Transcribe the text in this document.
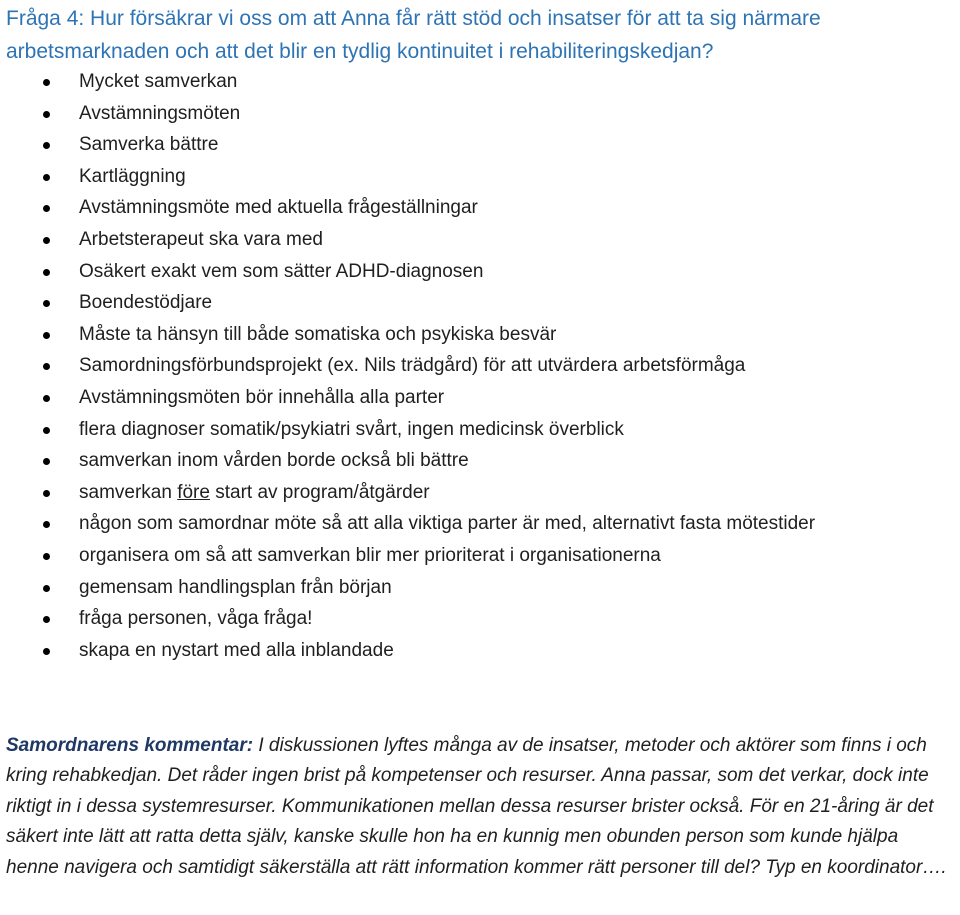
Fråga 4: Hur försäkrar vi oss om att Anna får rätt stöd och insatser för att ta sig närmare arbetsmarknaden och att det blir en tydlig kontinuitet i rehabiliteringskedjan?
Mycket samverkan
Avstämningsmöten
Samverka bättre
Kartläggning
Avstämningsmöte med aktuella frågeställningar
Arbetsterapeut ska vara med
Osäkert exakt vem som sätter ADHD-diagnosen
Boendestödjare
Måste ta hänsyn till både somatiska och psykiska besvär
Samordningsförbundsprojekt (ex. Nils trädgård) för att utvärdera arbetsförmåga
Avstämningsmöten bör innehålla alla parter
flera diagnoser somatik/psykiatri svårt, ingen medicinsk överblick
samverkan inom vården borde också bli bättre
samverkan före start av program/åtgärder
någon som samordnar möte så att alla viktiga parter är med, alternativt fasta mötestider
organisera om så att samverkan blir mer prioriterat i organisationerna
gemensam handlingsplan från början
fråga personen, våga fråga!
skapa en nystart med alla inblandade

Samordnarens kommentar: I diskussionen lyftes många av de insatser, metoder och aktörer som finns i och kring rehabkedjan. Det råder ingen brist på kompetenser och resurser. Anna passar, som det verkar, dock inte riktigt in i dessa systemresurser. Kommunikationen mellan dessa resurser brister också. För en 21-åring är det säkert inte lätt att ratta detta själv, kanske skulle hon ha en kunnig men obunden person som kunde hjälpa henne navigera och samtidigt säkerställa att rätt information kommer rätt personer till del? Typ en koordinator….
